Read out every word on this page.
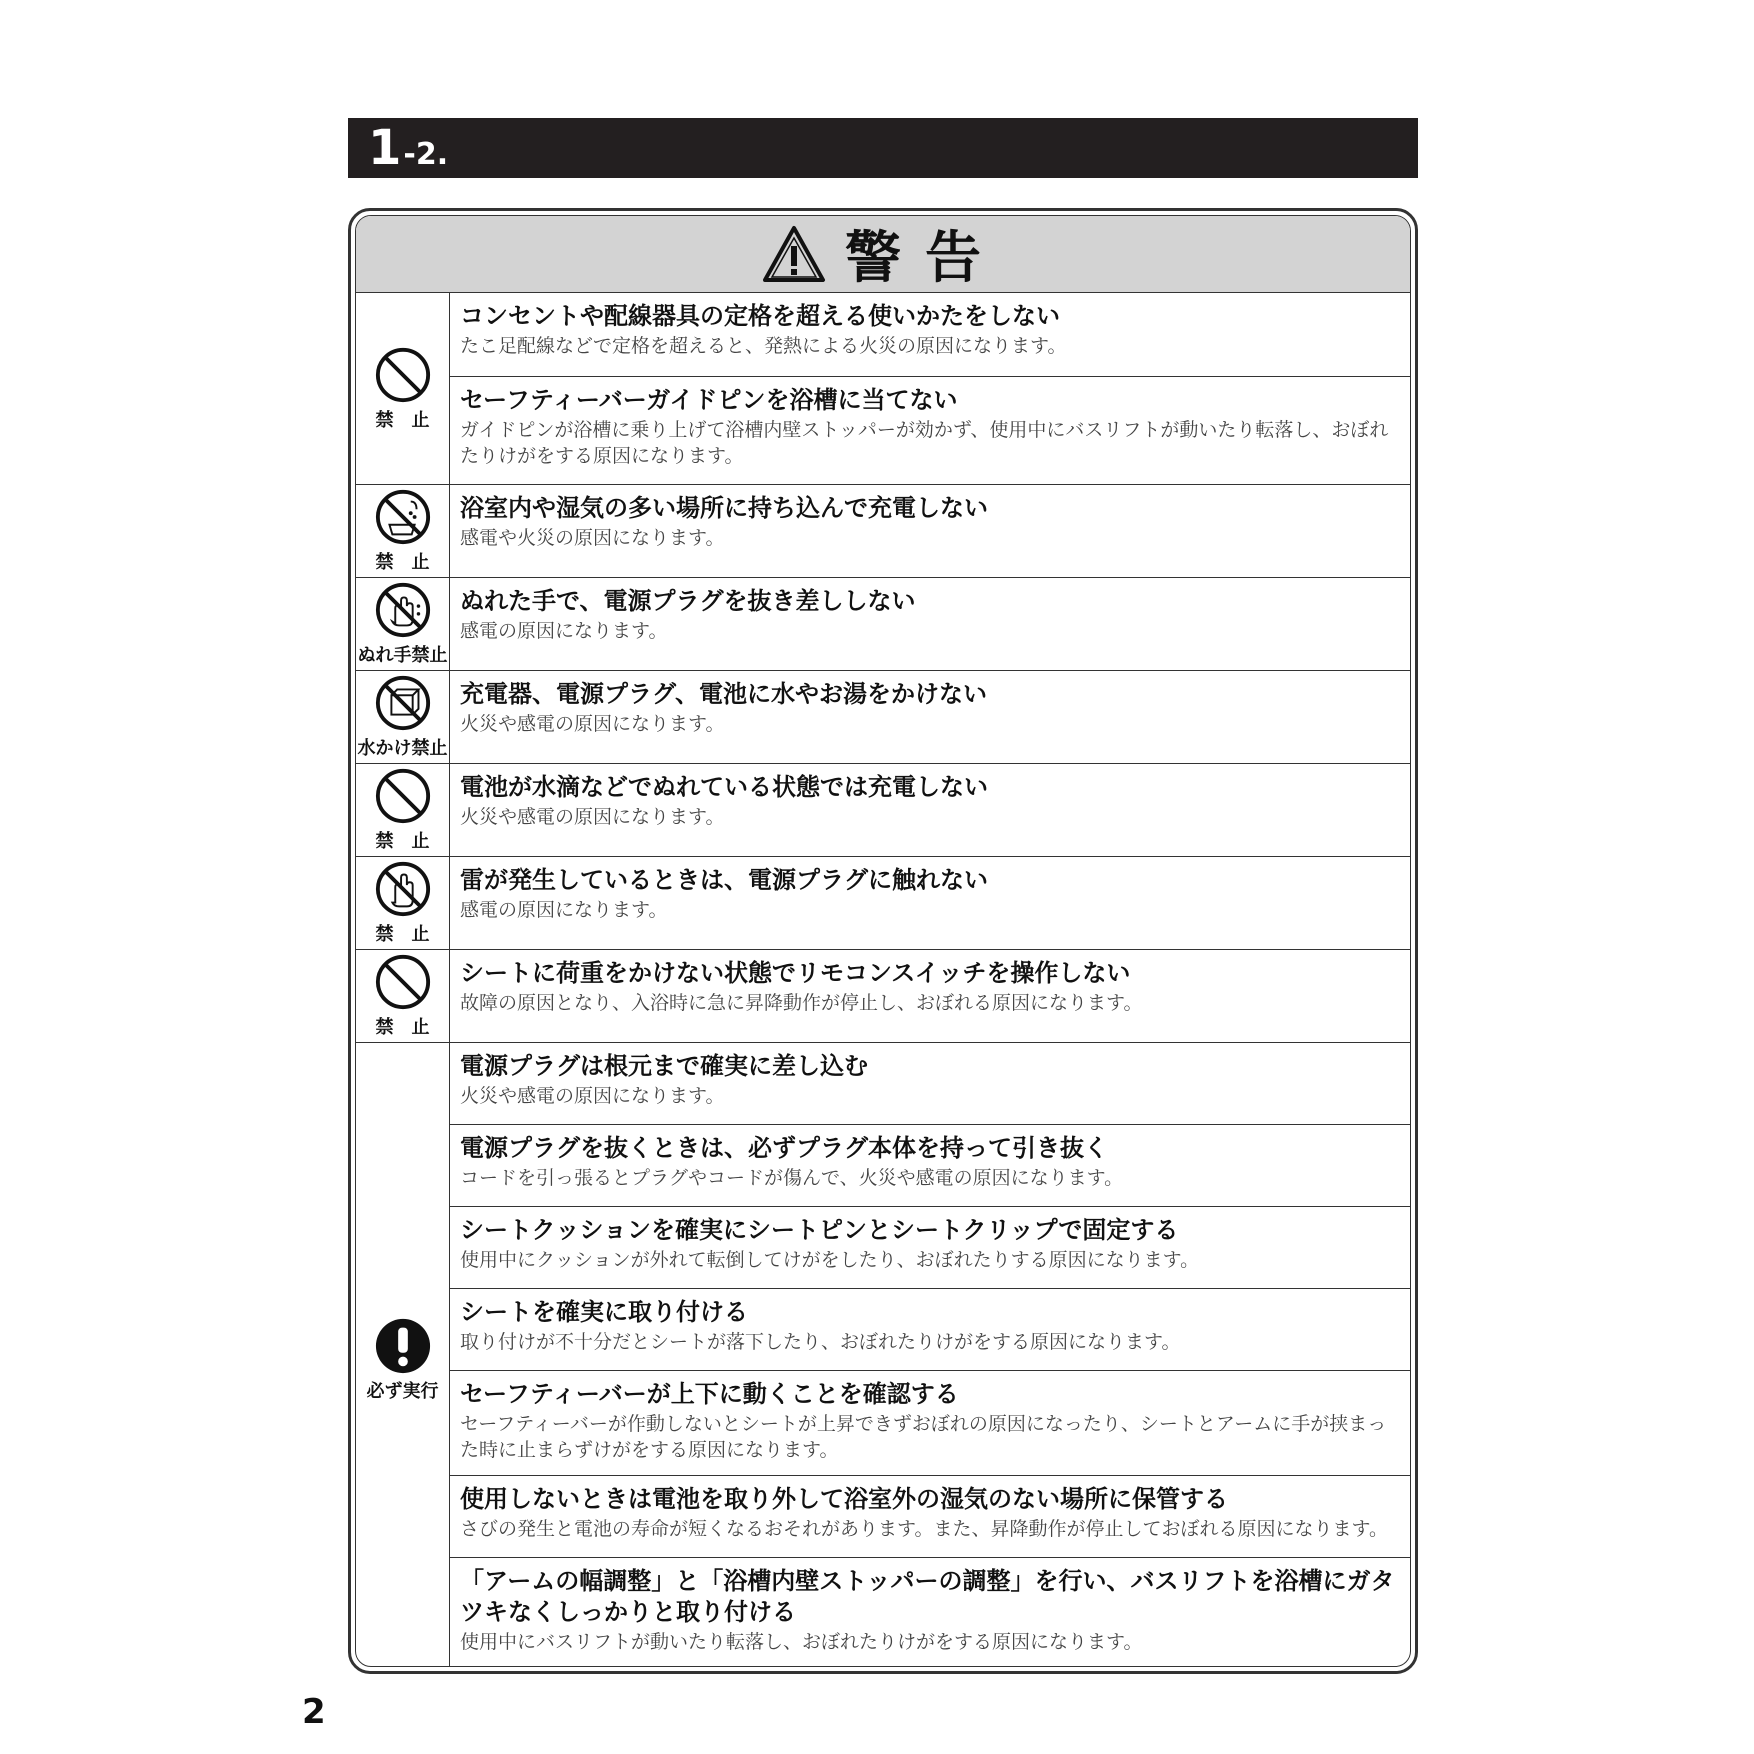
1 -2.
警告
禁止
コンセントや配線器具の定格を超える使いかたをしない
たこ足配線などで定格を超えると、発熱による火災の原因になります。
セーフティーバーガイドピンを浴槽に当てない
ガイドピンが浴槽に乗り上げて浴槽内壁ストッパーが効かず、使用中にバスリフトが動いたり転落し、おぼれたりけがをする原因になります。
禁止
浴室内や湿気の多い場所に持ち込んで充電しない
感電や火災の原因になります。
ぬれ手禁止
ぬれた手で、電源プラグを抜き差ししない
感電の原因になります。
水かけ禁止
充電器、電源プラグ、電池に水やお湯をかけない
火災や感電の原因になります。
禁止
電池が水滴などでぬれている状態では充電しない
火災や感電の原因になります。
禁止
雷が発生しているときは、電源プラグに触れない
感電の原因になります。
禁止
シートに荷重をかけない状態でリモコンスイッチを操作しない
故障の原因となり、入浴時に急に昇降動作が停止し、おぼれる原因になります。
必ず実行
電源プラグは根元まで確実に差し込む
火災や感電の原因になります。
電源プラグを抜くときは、必ずプラグ本体を持って引き抜く
コードを引っ張るとプラグやコードが傷んで、火災や感電の原因になります。
シートクッションを確実にシートピンとシートクリップで固定する
使用中にクッションが外れて転倒してけがをしたり、おぼれたりする原因になります。
シートを確実に取り付ける
取り付けが不十分だとシートが落下したり、おぼれたりけがをする原因になります。
セーフティーバーが上下に動くことを確認する
セーフティーバーが作動しないとシートが上昇できずおぼれの原因になったり、シートとアームに手が挟まった時に止まらずけがをする原因になります。
使用しないときは電池を取り外して浴室外の湿気のない場所に保管する
さびの発生と電池の寿命が短くなるおそれがあります。また、昇降動作が停止しておぼれる原因になります。
「アームの幅調整」と「浴槽内壁ストッパーの調整」を行い、バスリフトを浴槽にガタツキなくしっかりと取り付ける
使用中にバスリフトが動いたり転落し、おぼれたりけがをする原因になります。
2
